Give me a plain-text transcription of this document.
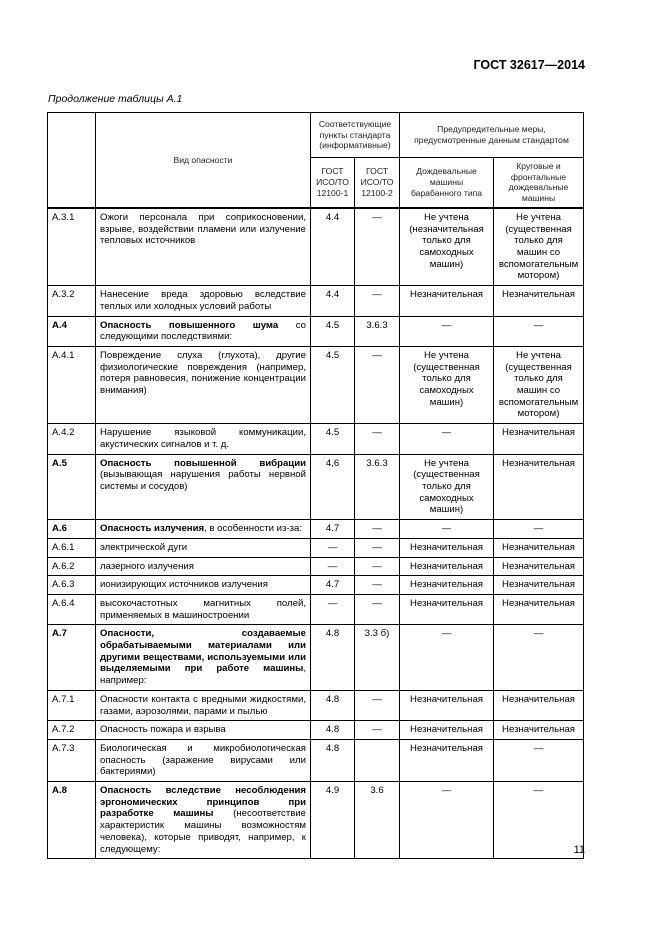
ГОСТ 32617—2014
Продолжение таблицы А.1
	Вид опасности	Соответствующие пункты стандарта (информативные)		Предупредительные меры, предусмотренные данным стандартом	
		ГОСТ ИСО/ТО 12100-1	ГОСТ ИСО/ТО 12100-2	Дождевальные машины барабанного типа	Круговые и фронтальные дождевальные машины
А.3.1	Ожоги персонала при соприкосновении, взрыве, воздействии пламени или излучение тепловых источников	4.4	—	Не учтена (незначительная только для самоходных машин)	Не учтена (существенная только для машин со вспомогательным мотором)
А.3.2	Нанесение вреда здоровью вследствие теплых или холодных условий работы	4.4	—	Незначительная	Незначительная
А.4	Опасность повышенного шума со следующими последствиями:	4.5	3.6.3	—	—
А.4.1	Повреждение слуха (глухота), другие физиологические повреждения (например, потеря равновесия, понижение концентрации внимания)	4.5	—	Не учтена (существенная только для самоходных машин)	Не учтена (существенная только для машин со вспомогательным мотором)
А.4.2	Нарушение языковой коммуникации, акустических сигналов и т. д.	4.5	—	—	Незначительная
А.5	Опасность повышенной вибрации (вызывающая нарушения работы нервной системы и сосудов)	4,6	3.6.3	Не учтена (существенная только для самоходных машин)	Незначительная
А.6	Опасность излучения, в особенности из-за:	4.7	—	—	—
А.6.1	электрической дуги	—	—	Незначительная	Незначительная
А.6.2	лазерного излучения	—	—	Незначительная	Незначительная
А.6.3	ионизирующих источников излучения	4.7	—	Незначительная	Незначительная
А.6.4	высокочастотных магнитных полей, применяемых в машиностроении	—	—	Незначительная	Незначительная
А.7	Опасности, создаваемые обрабатываемыми материалами или другими веществами, используемыми или выделяемыми при работе машины, например:	4.8	3.3 б)	—	—
А.7.1	Опасности контакта с вредными жидкостями, газами, аэрозолями, парами и пылью	4.8	—	Незначительная	Незначительная
А.7.2	Опасность пожара и взрыва	4.8	—	Незначительная	Незначительная
А.7.3	Биологическая и микробиологическая опасность (заражение вирусами или бактериями)	4.8		Незначительная	—
А.8	Опасность вследствие несоблюдения эргономических принципов при разработке машины (несоответствие характеристик машины возможностям человека), которые приводят, например, к следующему:	4.9	3.6	—	—
11
